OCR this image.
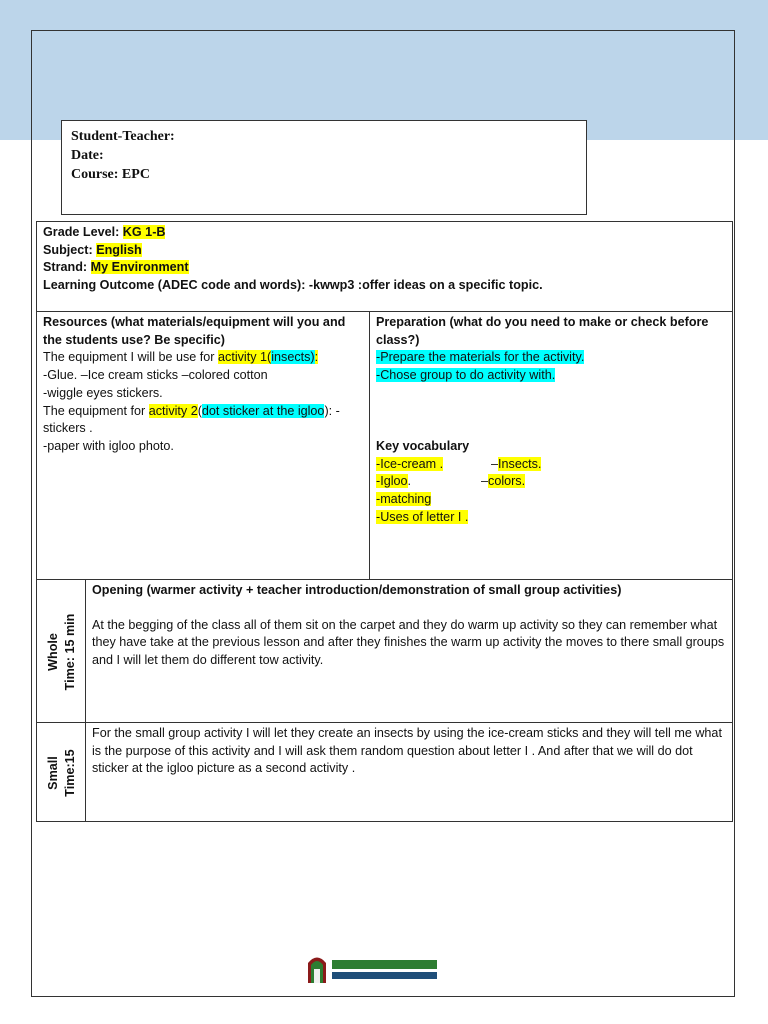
Student-Teacher:
Date:
Course: EPC
Grade Level: KG 1-B
Subject: English
Strand: My Environment
Learning Outcome (ADEC code and words): -kwwp3 :offer ideas on a specific topic.
Resources (what materials/equipment will you and the students use? Be specific)
The equipment I will be use for activity 1(insects):
-Glue. –Ice cream sticks –colored cotton
-wiggle eyes stickers.
The equipment for activity 2(dot sticker at the igloo): -stickers .
-paper with igloo photo.
Preparation (what do you need to make or check before class?)
-Prepare the materials for the activity.
-Chose group to do activity with.
Key vocabulary
-Ice-cream .	–Insects.
-Igloo.	–colors.
-matching
-Uses of letter I .
Whole Time: 15 min
Opening (warmer activity + teacher introduction/demonstration of small group activities)

At the begging of the class all of them sit on the carpet and they do warm up activity so they can remember what they have take at the previous lesson and after they finishes the warm up activity the moves to there small groups and I will let them do different tow activity.

Small Time:15

For the small group activity I will let they create an insects by using the ice-cream sticks and they will tell me what is the purpose of this activity and I will ask them random question about letter I . And after that we will do dot sticker at the igloo picture as a second activity .
